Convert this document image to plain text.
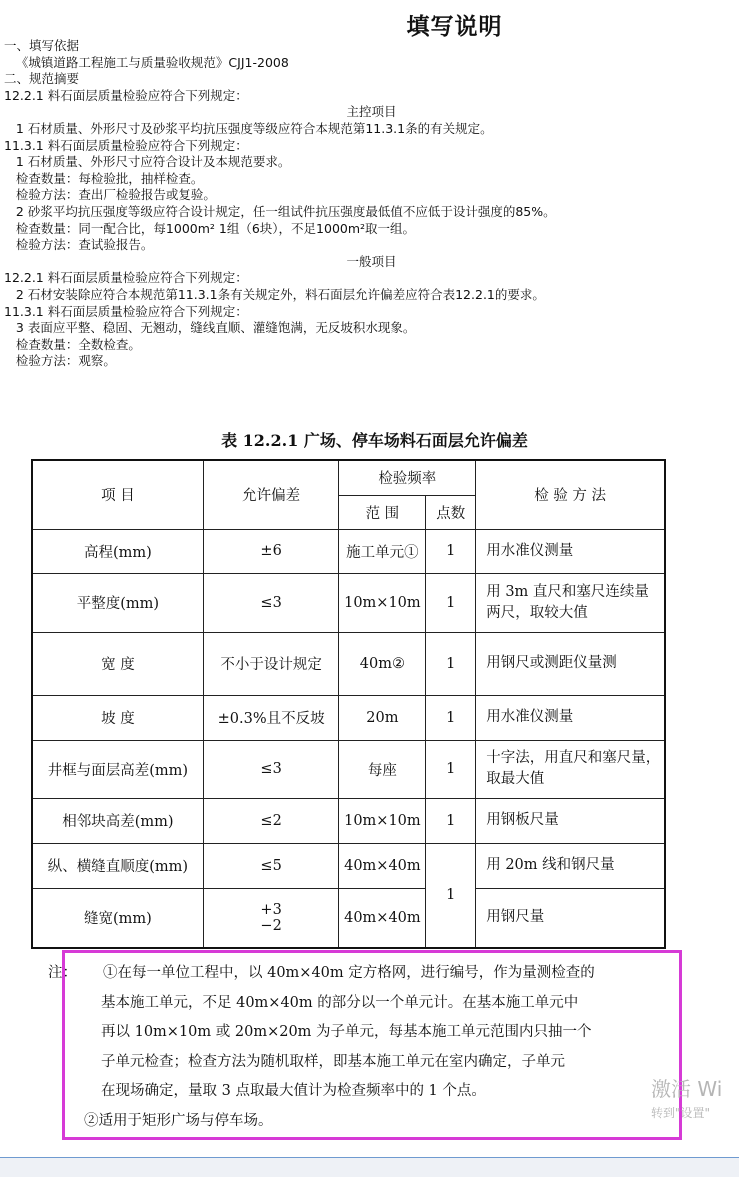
填写说明
一、填写依据
《城镇道路工程施工与质量验收规范》CJJ1-2008
二、规范摘要
12.2.1 料石面层质量检验应符合下列规定：
主控项目
1 石材质量、外形尺寸及砂浆平均抗压强度等级应符合本规范第11.3.1条的有关规定。
11.3.1 料石面层质量检验应符合下列规定：
1 石材质量、外形尺寸应符合设计及本规范要求。
检查数量：每检验批，抽样检查。
检验方法：查出厂检验报告或复验。
2 砂浆平均抗压强度等级应符合设计规定，任一组试件抗压强度最低值不应低于设计强度的85%。
检查数量：同一配合比，每1000m² 1组（6块），不足1000m²取一组。
检验方法：查试验报告。
一般项目
12.2.1 料石面层质量检验应符合下列规定：
2 石材安装除应符合本规范第11.3.1条有关规定外，料石面层允许偏差应符合表12.2.1的要求。
11.3.1 料石面层质量检验应符合下列规定：
3 表面应平整、稳固、无翘动，缝线直顺、灌缝饱满，无反坡积水现象。
检查数量：全数检查。
检验方法：观察。
表 12.2.1 广场、停车场料石面层允许偏差
项 目	允许偏差	检验频率		检 验 方 法
		范 围	点数	
高程(mm)	±6	施工单元①	1	用水准仪测量
平整度(mm)	≤3	10m×10m	1	用 3m 直尺和塞尺连续量两尺，取较大值
宽 度	不小于设计规定	40m②	1	用钢尺或测距仪量测
坡 度	±0.3%且不反坡	20m	1	用水准仪测量
井框与面层高差(mm)	≤3	每座	1	十字法，用直尺和塞尺量，取最大值
相邻块高差(mm)	≤2	10m×10m	1	用钢板尺量
纵、横缝直顺度(mm)	≤5	40m×40m	1	用 20m 线和钢尺量
缝宽(mm)	+3
−2	40m×40m		用钢尺量
注： ①在每一单位工程中，以 40m×40m 定方格网，进行编号，作为量测检查的
基本施工单元，不足 40m×40m 的部分以一个单元计。在基本施工单元中
再以 10m×10m 或 20m×20m 为子单元，每基本施工单元范围内只抽一个
子单元检查；检查方法为随机取样，即基本施工单元在室内确定，子单元
在现场确定，量取 3 点取最大值计为检查频率中的 1 个点。
②适用于矩形广场与停车场。
激活 Wi
转到"设置"
